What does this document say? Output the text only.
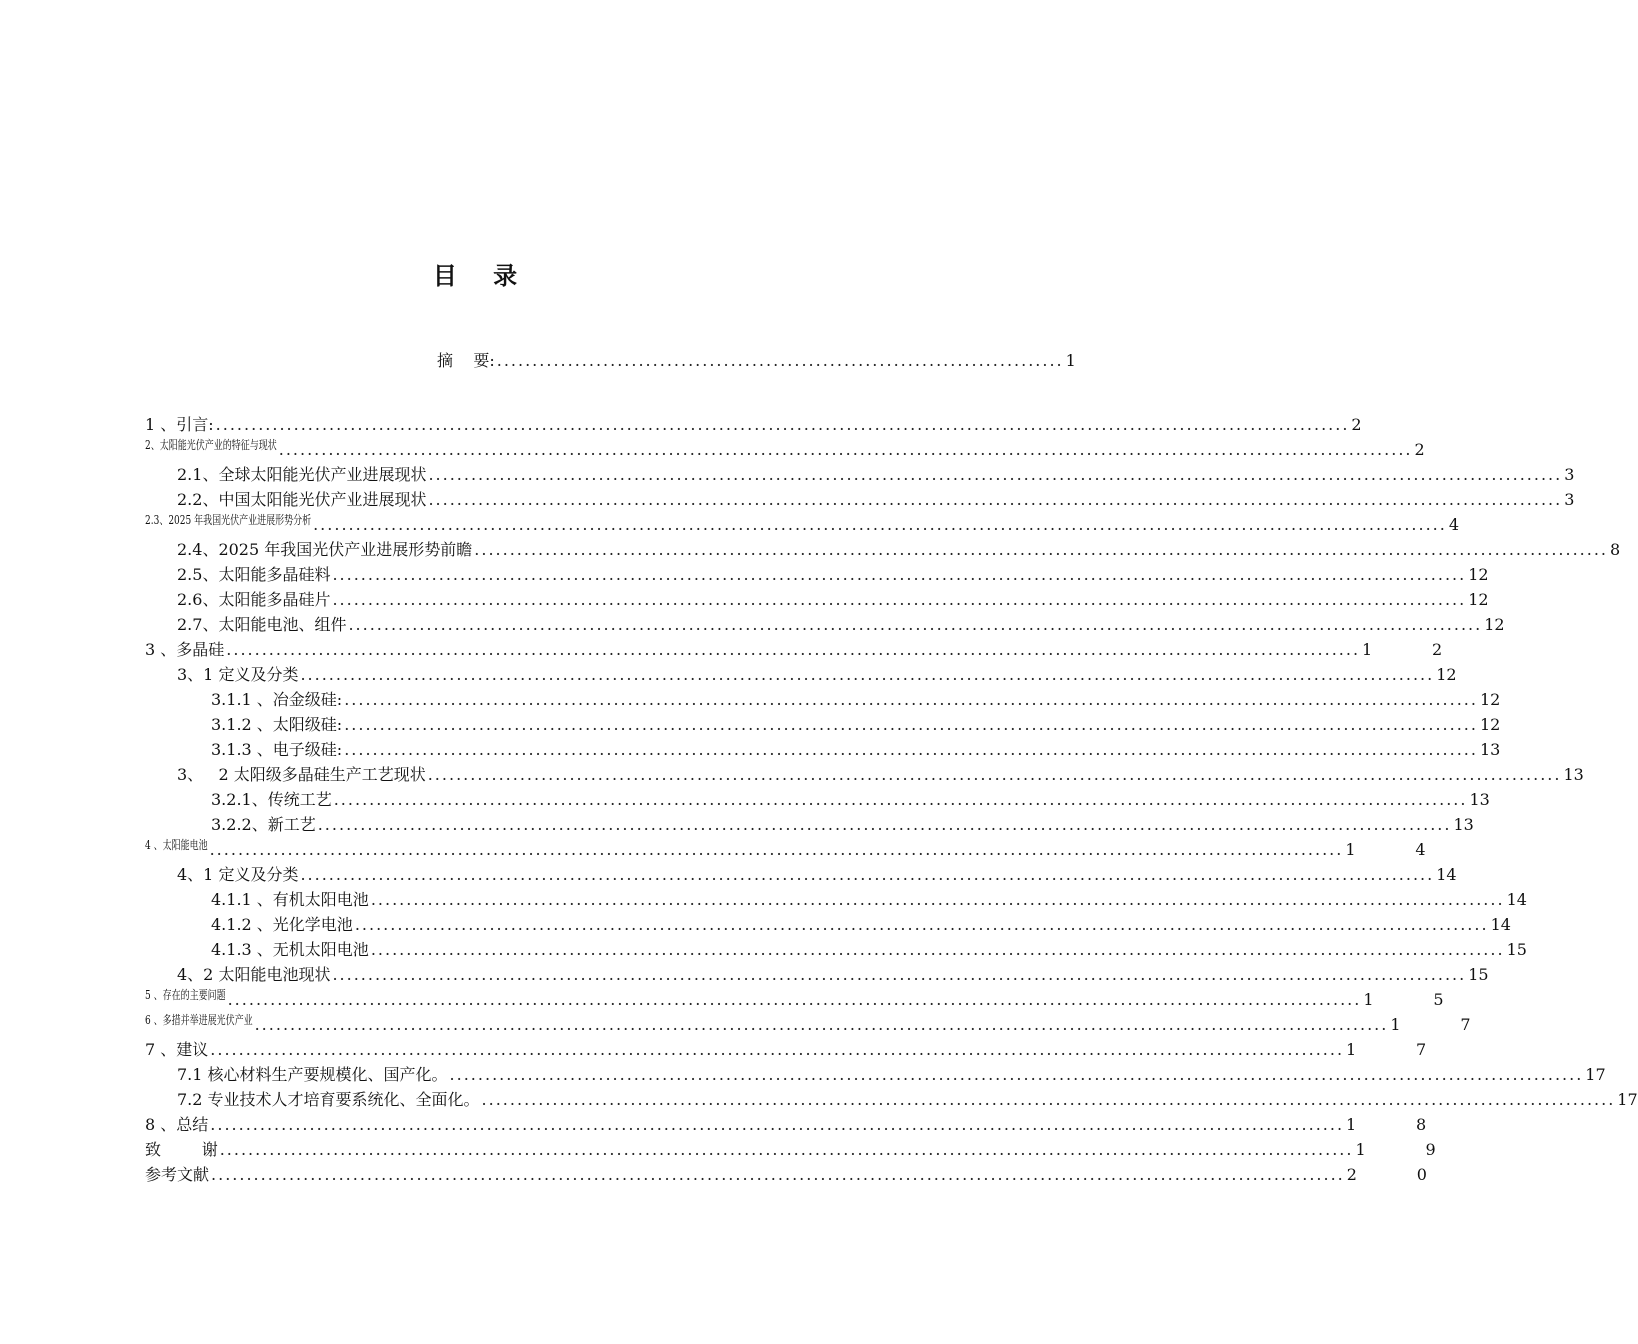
目 录
摘    要: ................................................................................ 1
1 、引言: ................................................................................................................................................................ 2
2、太阳能光伏产业的特征与现状 ................................................................................................................................................................ 2
2.1、全球太阳能光伏产业进展现状 ................................................................................................................................................................ 3
2.2、中国太阳能光伏产业进展现状 ................................................................................................................................................................ 3
2.3、2025 年我国光伏产业进展形势分析 ................................................................................................................................................................ 4
2.4、2025 年我国光伏产业进展形势前瞻 ................................................................................................................................................................ 8
2.5、太阳能多晶硅料 ................................................................................................................................................................ 12
2.6、太阳能多晶硅片 ................................................................................................................................................................ 12
2.7、太阳能电池、组件 ................................................................................................................................................................ 12
3 、多晶硅 ................................................................................................................................................................ 1	2
3、1 定义及分类 ................................................................................................................................................................ 12
3.1.1 、冶金级硅: ................................................................................................................................................................ 12
3.1.2 、太阳级硅: ................................................................................................................................................................ 12
3.1.3 、电子级硅: ................................................................................................................................................................ 13
3、   2 太阳级多晶硅生产工艺现状 ................................................................................................................................................................ 13
3.2.1、传统工艺 ................................................................................................................................................................ 13
3.2.2、新工艺 ................................................................................................................................................................ 13
4 、太阳能电池 ................................................................................................................................................................ 1	4
4、1 定义及分类 ................................................................................................................................................................ 14
4.1.1 、有机太阳电池 ................................................................................................................................................................ 14
4.1.2 、光化学电池 ................................................................................................................................................................ 14
4.1.3 、无机太阳电池 ................................................................................................................................................................ 15
4、2 太阳能电池现状 ................................................................................................................................................................ 15
5 、存在的主要问题 ................................................................................................................................................................ 1	5
6 、多措并举进展光伏产业 ................................................................................................................................................................ 1	7
7 、建议 ................................................................................................................................................................ 1	7
7.1 核心材料生产要规模化、国产化。 ................................................................................................................................................................ 17
7.2 专业技术人才培育要系统化、全面化。 ................................................................................................................................................................ 17
8 、总结 ................................................................................................................................................................ 1	8
致        谢 ................................................................................................................................................................ 1	9
参考文献 ................................................................................................................................................................ 2	0
